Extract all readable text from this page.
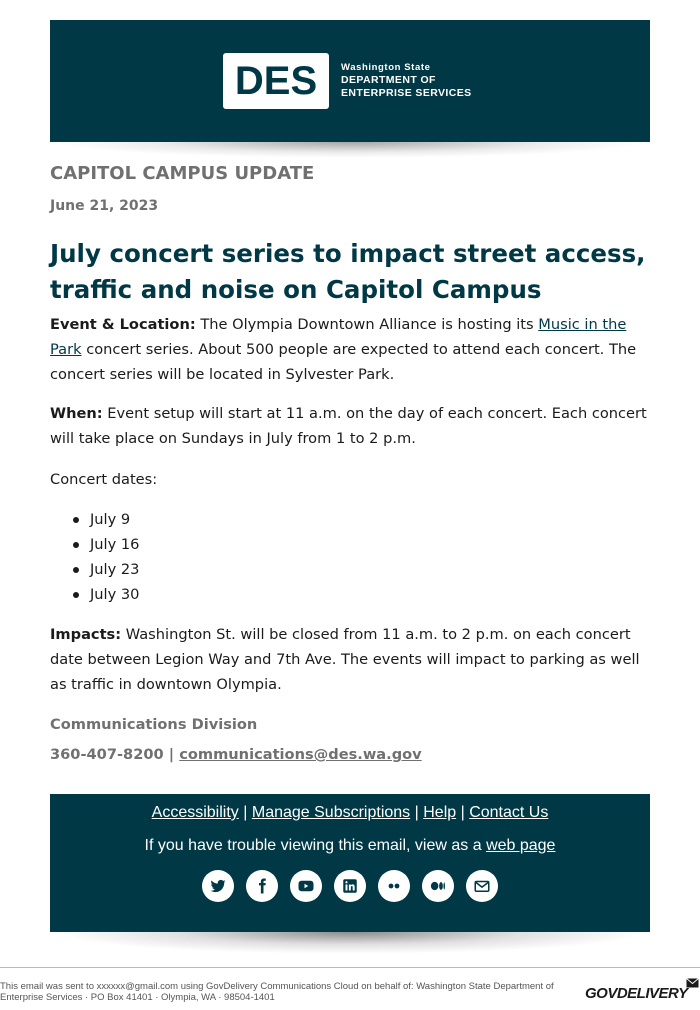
DES	Washington State
DEPARTMENT OF
ENTERPRISE SERVICES
CAPITOL CAMPUS UPDATE
June 21, 2023
July concert series to impact street access, traffic and noise on Capitol Campus

Event & Location: The Olympia Downtown Alliance is hosting its Music in the Park concert series. About 500 people are expected to attend each concert. The concert series will be located in Sylvester Park.

When: Event setup will start at 11 a.m. on the day of each concert. Each concert will take place on Sundays in July from 1 to 2 p.m.

Concert dates:

July 9
July 16
July 23
July 30

Impacts: Washington St. will be closed from 11 a.m. to 2 p.m. on each concert date between Legion Way and 7th Ave. The events will impact to parking as well as traffic in downtown Olympia.

Communications Division
360-407-8200 | communications@des.wa.gov
Accessibility | Manage Subscriptions | Help | Contact Us
If you have trouble viewing this email, view as a web page
This email was sent to xxxxxx@gmail.com using GovDelivery Communications Cloud on behalf of: Washington State Department of Enterprise Services · PO Box 41401 · Olympia, WA · 98504-1401	GOVDELIVERY
